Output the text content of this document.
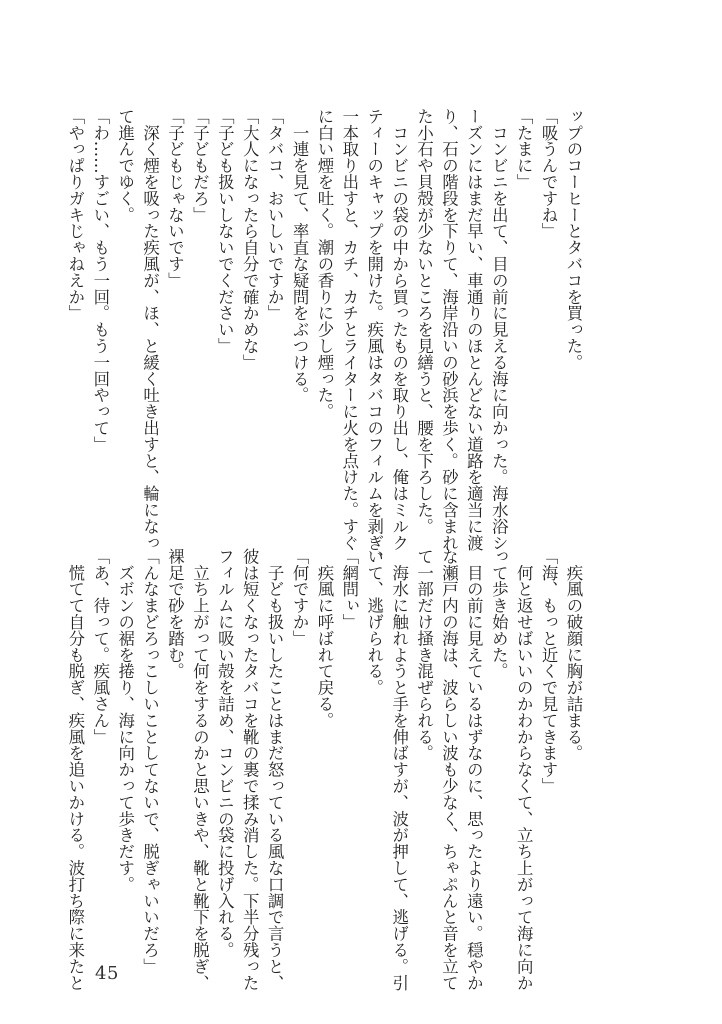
ップのコーヒーとタバコを買った。
「吸うんですね」
「たまに」
　コンビニを出て、目の前に見える海に向かった。海水浴シ
ーズンにはまだ早い、車通りのほとんどない道路を適当に渡
り、石の階段を下りて、海岸沿いの砂浜を歩く。砂に含まれ
た小石や貝殻が少ないところを見繕うと、腰を下ろした。
　コンビニの袋の中から買ったものを取り出し、俺はミルク
ティーのキャップを開けた。疾風はタバコのフィルムを剥ぎ、
一本取り出すと、カチ、カチとライターに火を点けた。すぐ
に白い煙を吐く。潮の香りに少し煙った。
　一連を見て、率直な疑問をぶつける。
「タバコ、おいしいですか」
「大人になったら自分で確かめな」
「子ども扱いしないでください」
「子どもだろ」
「子どもじゃないです」
　深く煙を吸った疾風が、ほ、と緩く吐き出すと、輪になっ
て進んでゆく。
「わ……すごい、もう一回。もう一回やって」
「やっぱりガキじゃねえか」
　疾風の破顔に胸が詰まる。
「海、もっと近くで見てきます」
　何と返せばいいのかわからなくて、立ち上がって海に向か
って歩き始めた。
　目の前に見えているはずなのに、思ったより遠い。穏やか
な瀬戸内の海は、波らしい波も少なく、ちゃぷんと音を立て
て一部だけ掻き混ぜられる。
　海水に触れようと手を伸ばすが、波が押して、逃げる。引
いて、逃げられる。
「網問ぃ」
　疾風に呼ばれて戻る。
「何ですか」
　子ども扱いしたことはまだ怒っている風な口調で言うと、
彼は短くなったタバコを靴の裏で揉み消した。下半分残った
フィルムに吸い殻を詰め、コンビニの袋に投げ入れる。
　立ち上がって何をするのかと思いきや、靴と靴下を脱ぎ、
裸足で砂を踏む。
「んなまどろっこしいことしてないで、脱ぎゃいいだろ」
　ズボンの裾を捲り、海に向かって歩きだす。
「あ、待って。疾風さん」
　慌てて自分も脱ぎ、疾風を追いかける。波打ち際に来たと 45
